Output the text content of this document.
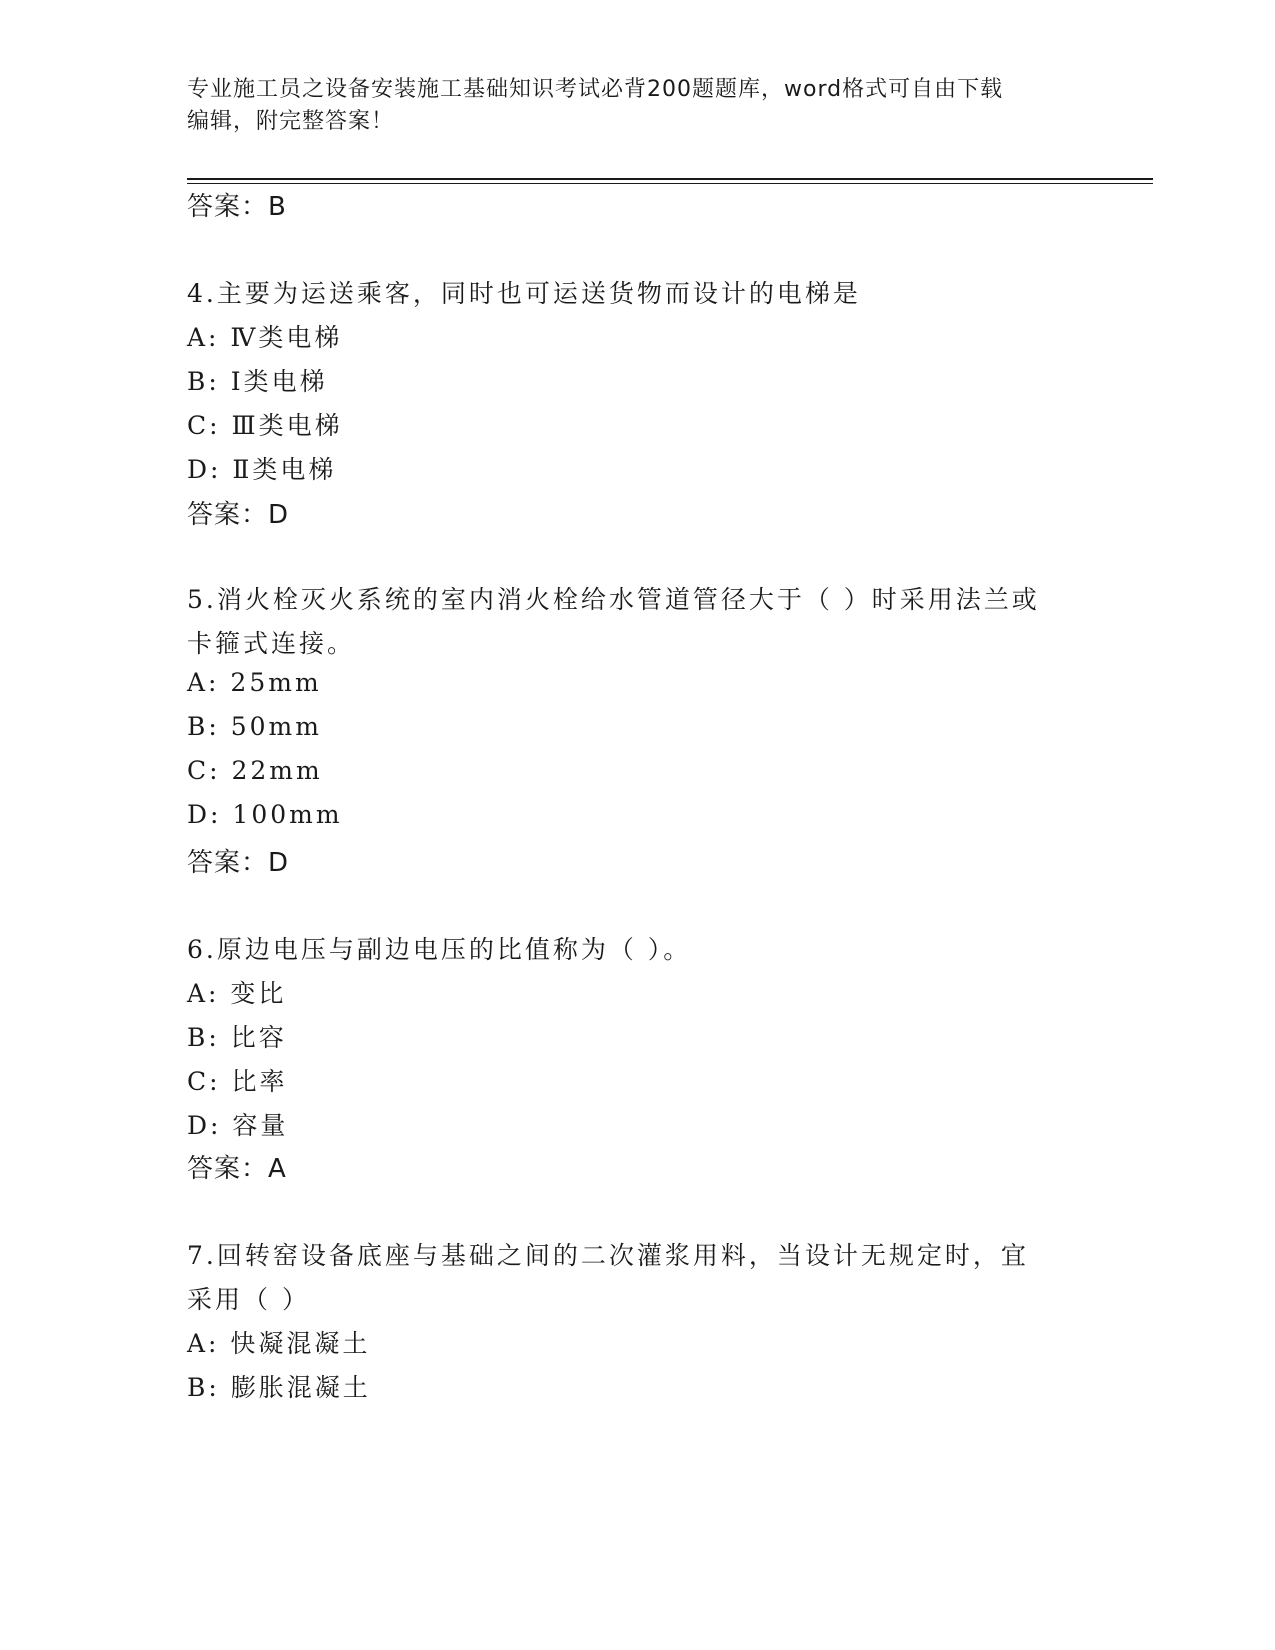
专业施工员之设备安装施工基础知识考试必背200题题库，word格式可自由下载
编辑，附完整答案！
答案：B
4.主要为运送乘客，同时也可运送货物而设计的电梯是
A: Ⅳ类电梯
B: Ⅰ类电梯
C: Ⅲ类电梯
D: Ⅱ类电梯
答案：D
5.消火栓灭火系统的室内消火栓给水管道管径大于（ ）时采用法兰或
卡箍式连接。
A: 25mm
B: 50mm
C: 22mm
D: 100mm
答案：D
6.原边电压与副边电压的比值称为（ ）。
A: 变比
B: 比容
C: 比率
D: 容量
答案：A
7.回转窑设备底座与基础之间的二次灌浆用料，当设计无规定时，宜
采用（ ）
A: 快凝混凝土
B: 膨胀混凝土
